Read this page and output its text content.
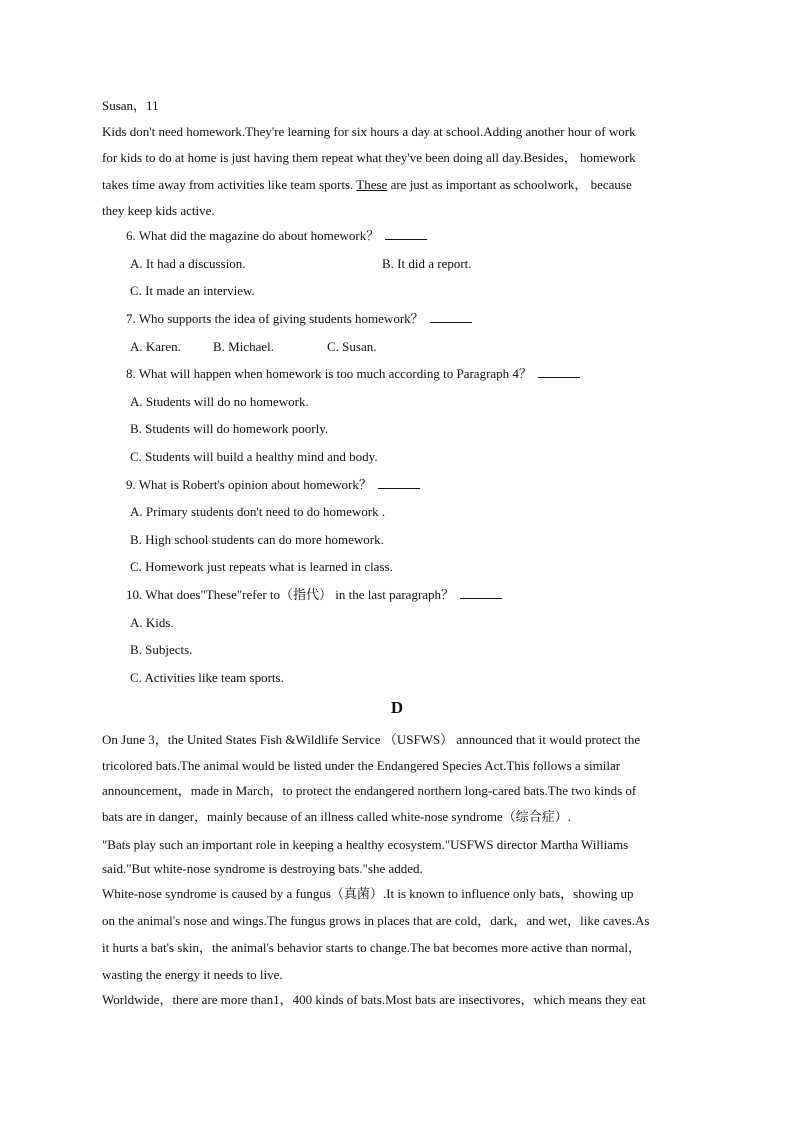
Susan，11
Kids don't need homework.They're learning for six hours a day at school.Adding another hour of work
for kids to do at home is just having them repeat what they've been doing all day.Besides， homework
takes time away from activities like team sports. These are just as important as schoolwork， because
they keep kids active.
6. What did the magazine do about homework？
A. It had a discussion.	B. It did a report.
C. It made an interview.
7. Who supports the idea of giving students homework？
A. Karen. B. Michael.	C. Susan.
8. What will happen when homework is too much according to Paragraph 4？
A. Students will do no homework.
B. Students will do homework poorly.
C. Students will build a healthy mind and body.
9. What is Robert's opinion about homework？
A. Primary students don't need to do homework .
B. High school students can do more homework.
C. Homework just repeats what is learned in class.
10. What does"These"refer to（指代） in the last paragraph？
A. Kids.
B. Subjects.
C. Activities like team sports.
D
On June 3，the United States Fish &Wildlife Service （USFWS） announced that it would protect the
tricolored bats.The animal would be listed under the Endangered Species Act.This follows a similar
announcement，made in March，to protect the endangered northern long-cared bats.The two kinds of
bats are in danger，mainly because of an illness called white-nose syndrome（综合症）.
"Bats play such an important role in keeping a healthy ecosystem."USFWS director Martha Williams
said."But white-nose syndrome is destroying bats."she added.
White-nose syndrome is caused by a fungus（真菌）.It is known to influence only bats，showing up
on the animal's nose and wings.The fungus grows in places that are cold，dark，and wet，like caves.As
it hurts a bat's skin，the animal's behavior starts to change.The bat becomes more active than normal，
wasting the energy it needs to live.
Worldwide，there are more than1，400 kinds of bats.Most bats are insectivores，which means they eat
